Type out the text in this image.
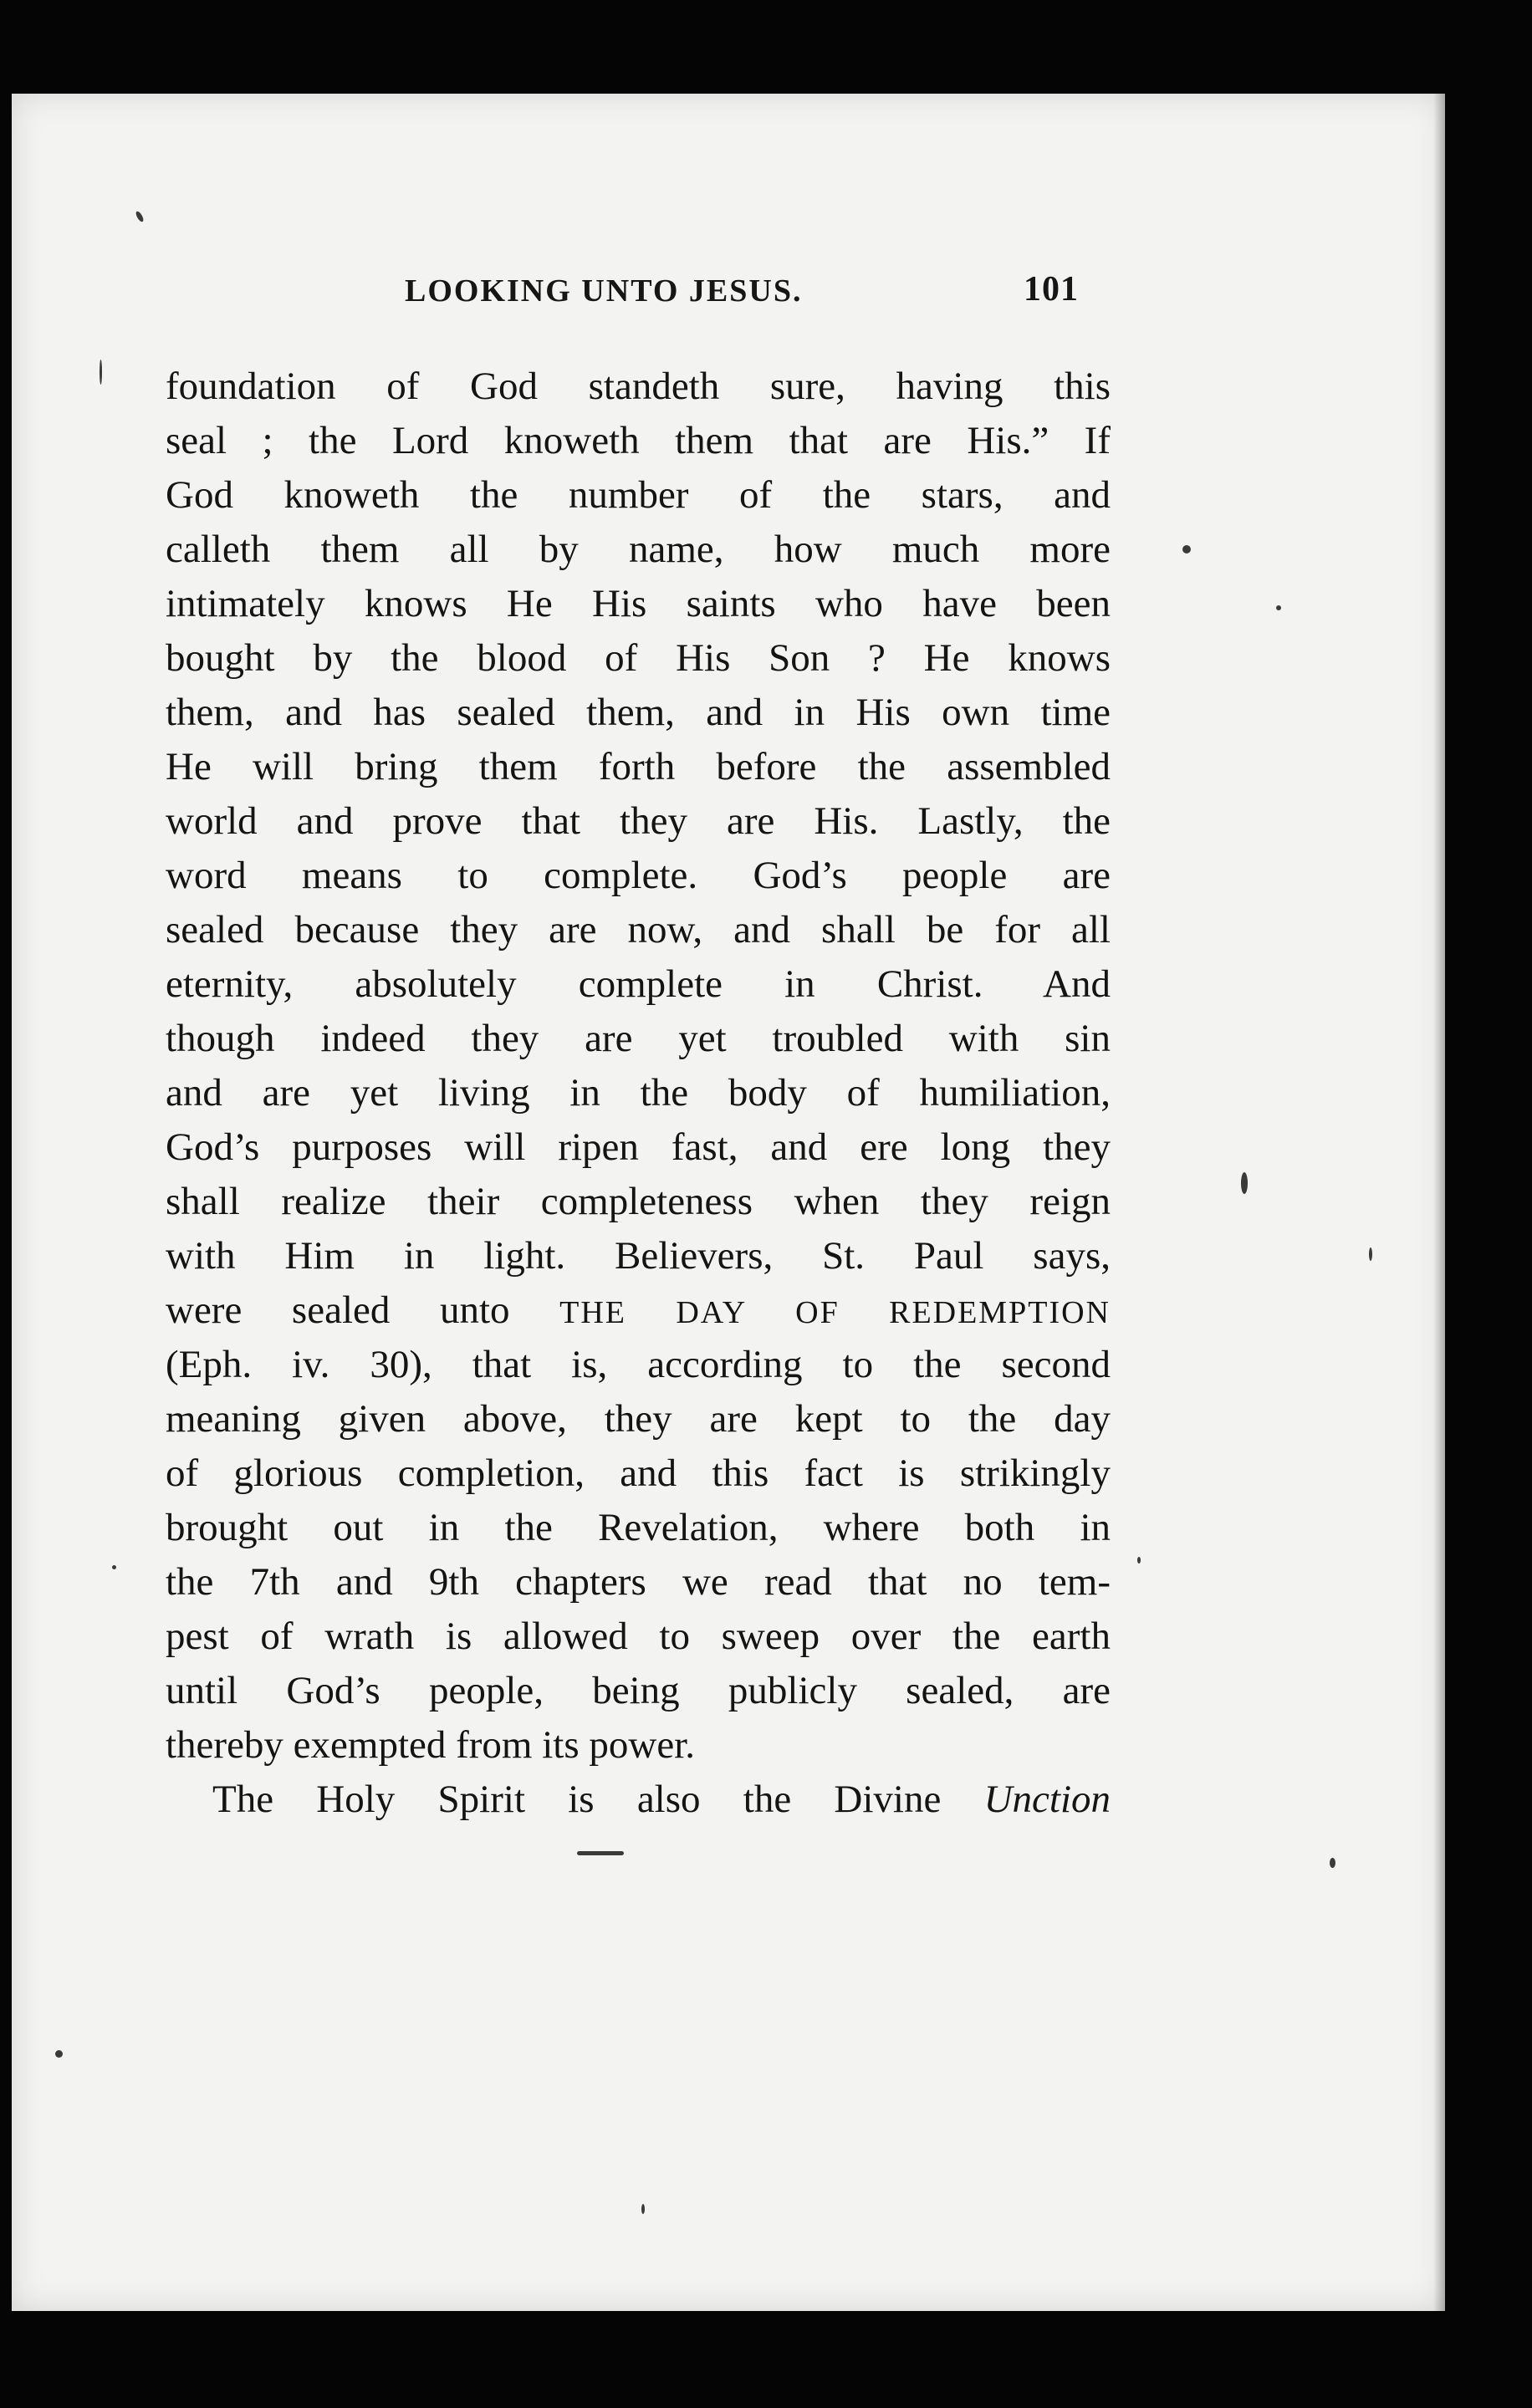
LOOKING UNTO JESUS.	101
foundation of God standeth sure, having this
seal ; the Lord knoweth them that are His.” If
God knoweth the number of the stars, and
calleth them all by name, how much more
intimately knows He His saints who have been
bought by the blood of His Son ? He knows
them, and has sealed them, and in His own time
He will bring them forth before the assembled
world and prove that they are His. Lastly, the
word means to complete. God’s people are
sealed because they are now, and shall be for all
eternity, absolutely complete in Christ. And
though indeed they are yet troubled with sin
and are yet living in the body of humiliation,
God’s purposes will ripen fast, and ere long they
shall realize their completeness when they reign
with Him in light. Believers, St. Paul says,
were sealed unto THE DAY OF REDEMPTION
(Eph. iv. 30), that is, according to the second
meaning given above, they are kept to the day
of glorious completion, and this fact is strikingly
brought out in the Revelation, where both in
the 7th and 9th chapters we read that no tem-
pest of wrath is allowed to sweep over the earth
until God’s people, being publicly sealed, are
thereby exempted from its power.
The Holy Spirit is also the Divine Unction
